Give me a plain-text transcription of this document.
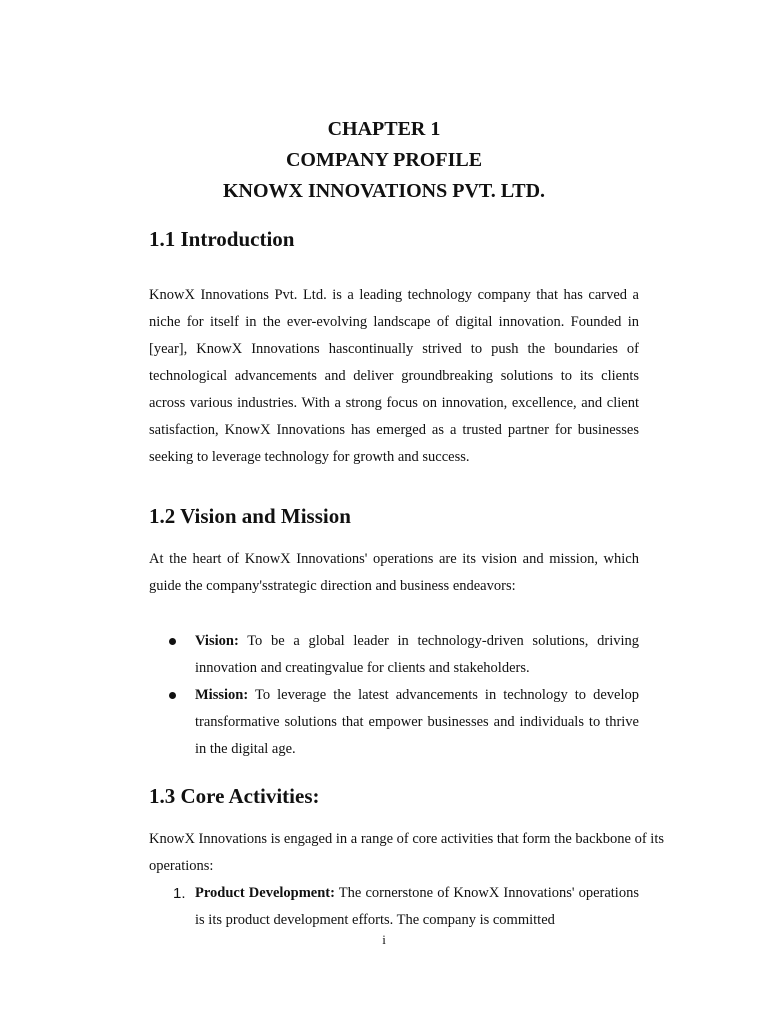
CHAPTER 1
COMPANY PROFILE
KNOWX INNOVATIONS PVT. LTD.
1.1 Introduction

KnowX Innovations Pvt. Ltd. is a leading technology company that has carved a niche for itself in the ever-evolving landscape of digital innovation. Founded in [year], KnowX Innovations hascontinually strived to push the boundaries of technological advancements and deliver groundbreaking solutions to its clients across various industries. With a strong focus on innovation, excellence, and client satisfaction, KnowX Innovations has emerged as a trusted partner for businesses seeking to leverage technology for growth and success.

1.2 Vision and Mission

At the heart of KnowX Innovations' operations are its vision and mission, which guide the company'sstrategic direction and business endeavors:

Vision: To be a global leader in technology-driven solutions, driving innovation and creatingvalue for clients and stakeholders.
Mission: To leverage the latest advancements in technology to develop transformative solutions that empower businesses and individuals to thrive in the digital age.
1.3 Core Activities:

KnowX Innovations is engaged in a range of core activities that form the backbone of its operations:

1. Product Development: The cornerstone of KnowX Innovations' operations is its product development efforts. The company is committed
i
